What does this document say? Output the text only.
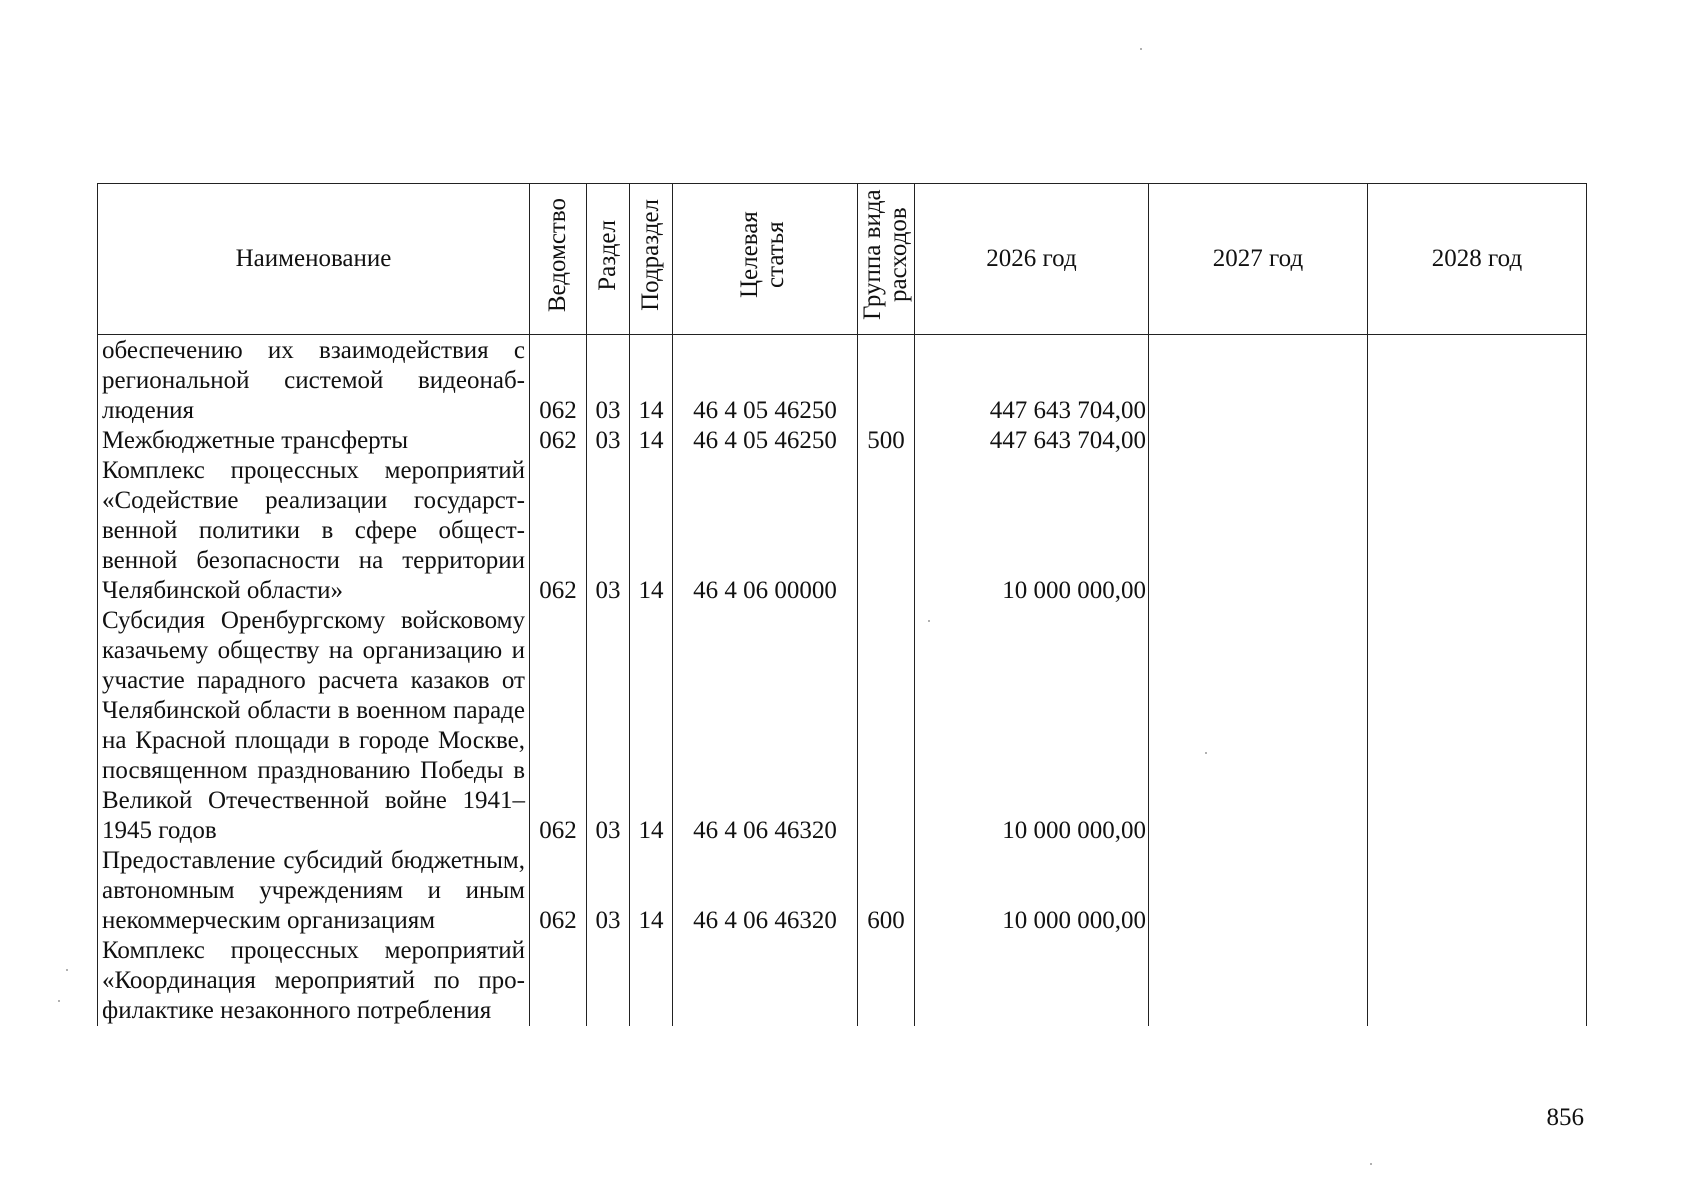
Наименование	Ведомство	Раздел	Подраздел	Целевая статья	Группа вида расходов	2026 год	2027 год	2028 год
обеспечению их взаимодействия с региональной системой видеонаблюдения	062	03	14	46 4 05 46250		447 643 704,00		
Межбюджетные трансферты	062	03	14	46 4 05 46250	500	447 643 704,00		
Комплекс процессных мероприятий «Содействие реализации государственной политики в сфере общественной безопасности на территории Челябинской области»	062	03	14	46 4 06 00000		10 000 000,00		
Субсидия Оренбургскому войсковому казачьему обществу на организацию и участие парадного расчета казаков от Челябинской области в военном параде на Красной площади в городе Москве, посвященном празднованию Победы в Великой Отечественной войне 1941–1945 годов	062	03	14	46 4 06 46320		10 000 000,00		
Предоставление субсидий бюджетным, автономным учреждениям и иным некоммерческим организациям	062	03	14	46 4 06 46320	600	10 000 000,00		
Комплекс процессных мероприятий «Координация мероприятий по профилактике незаконного потребления								
856
